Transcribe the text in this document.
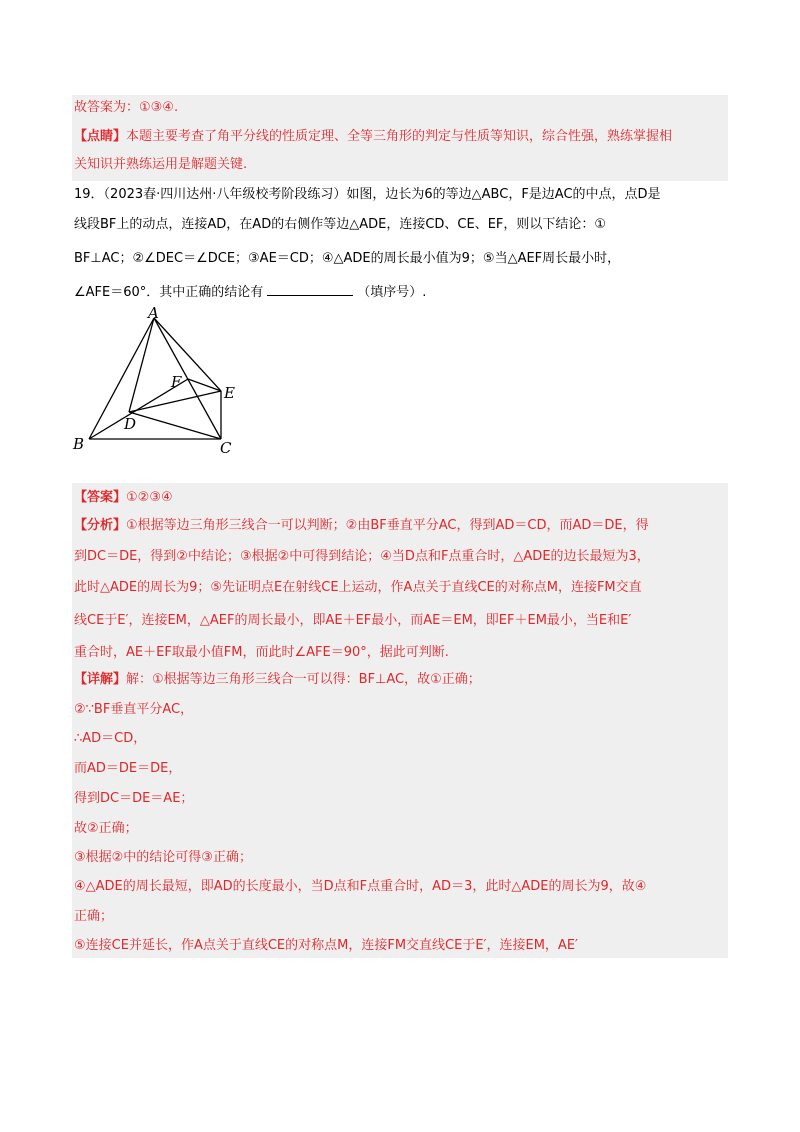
故答案为：①③④.
【点睛】本题主要考查了角平分线的性质定理、全等三角形的判定与性质等知识，综合性强，熟练掌握相
关知识并熟练运用是解题关键.
19．（2023春·四川达州·八年级校考阶段练习）如图，边长为6的等边△ABC，F是边AC的中点，点D是
线段BF上的动点，连接AD，在AD的右侧作等边△ADE，连接CD、CE、EF，则以下结论：①
BF⊥AC；②∠DEC＝∠DCE；③AE＝CD；④△ADE的周长最小值为9；⑤当△AEF周长最小时，
∠AFE＝60°．其中正确的结论有	（填序号）.
A
B	C
D
E
F
【答案】①②③④
【分析】①根据等边三角形三线合一可以判断；②由BF垂直平分AC，得到AD＝CD，而AD＝DE，得
到DC＝DE，得到②中结论；③根据②中可得到结论；④当D点和F点重合时，△ADE的边长最短为3，
此时△ADE的周长为9；⑤先证明点E在射线CE上运动，作A点关于直线CE的对称点M，连接FM交直
线CE于E′，连接EM，△AEF的周长最小，即AE＋EF最小，而AE＝EM，即EF＋EM最小，当E和E′
重合时，AE＋EF取最小值FM，而此时∠AFE＝90°，据此可判断.
【详解】解：①根据等边三角形三线合一可以得：BF⊥AC，故①正确；
②∵BF垂直平分AC，
∴AD＝CD，
而AD＝DE＝DE，
得到DC＝DE＝AE；
故②正确；
③根据②中的结论可得③正确；
④△ADE的周长最短，即AD的长度最小，当D点和F点重合时，AD＝3，此时△ADE的周长为9，故④
正确；
⑤连接CE并延长，作A点关于直线CE的对称点M，连接FM交直线CE于E′，连接EM，AE′
